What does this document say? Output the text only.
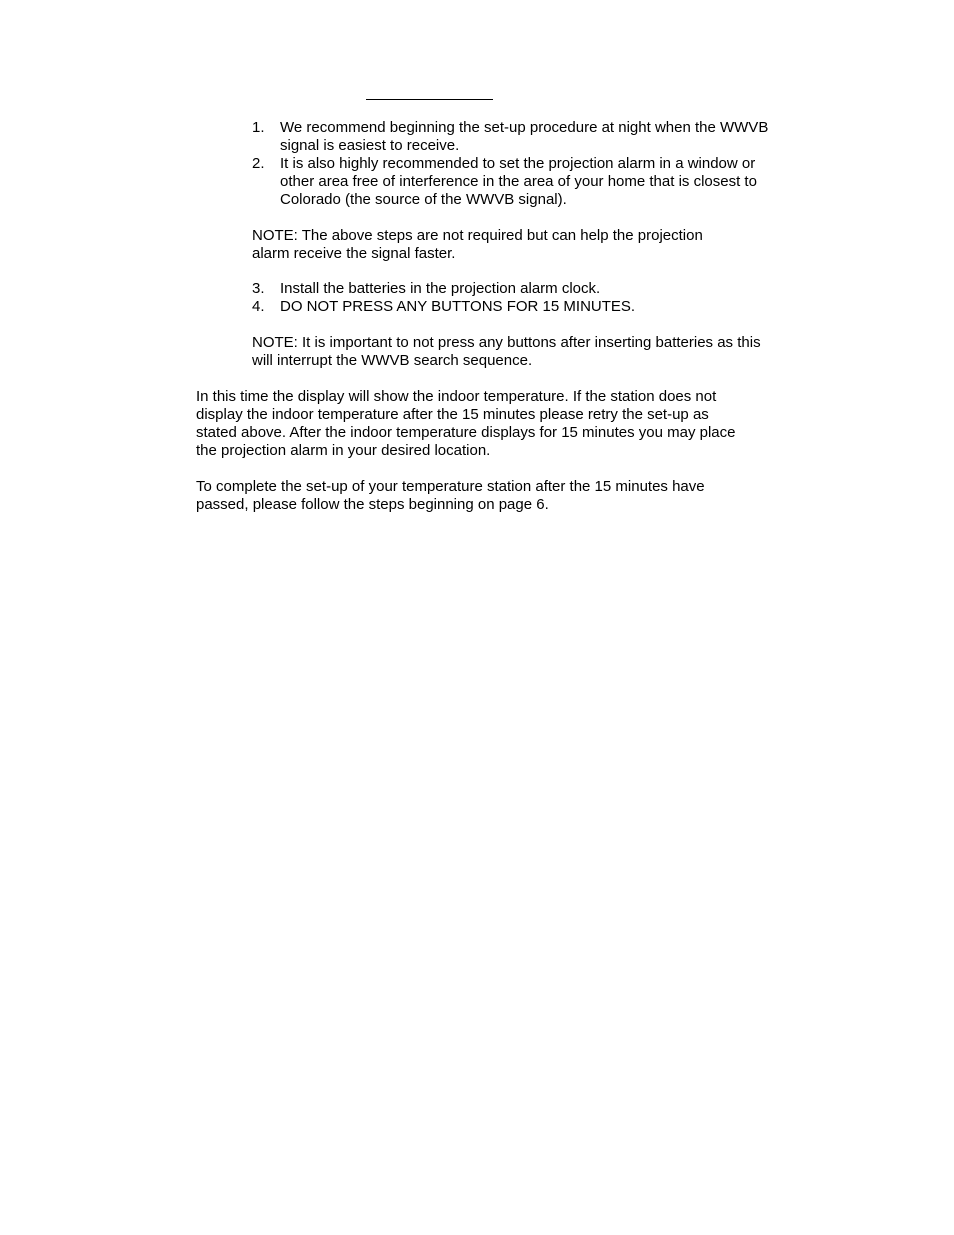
1.	We recommend beginning the set-up procedure at night when the WWVB signal is easiest to receive.
2.	It is also highly recommended to set the projection alarm in a window or other area free of interference in the area of your home that is closest to Colorado (the source of the WWVB signal).

NOTE: The above steps are not required but can help the projection alarm receive the signal faster.

3.	Install the batteries in the projection alarm clock.
4.	DO NOT PRESS ANY BUTTONS FOR 15 MINUTES.

NOTE: It is important to not press any buttons after inserting batteries as this will interrupt the WWVB search sequence.

In this time the display will show the indoor temperature. If the station does not display the indoor temperature after the 15 minutes please retry the set-up as stated above. After the indoor temperature displays for 15 minutes you may place the projection alarm in your desired location.

To complete the set-up of your temperature station after the 15 minutes have passed, please follow the steps beginning on page 6.
